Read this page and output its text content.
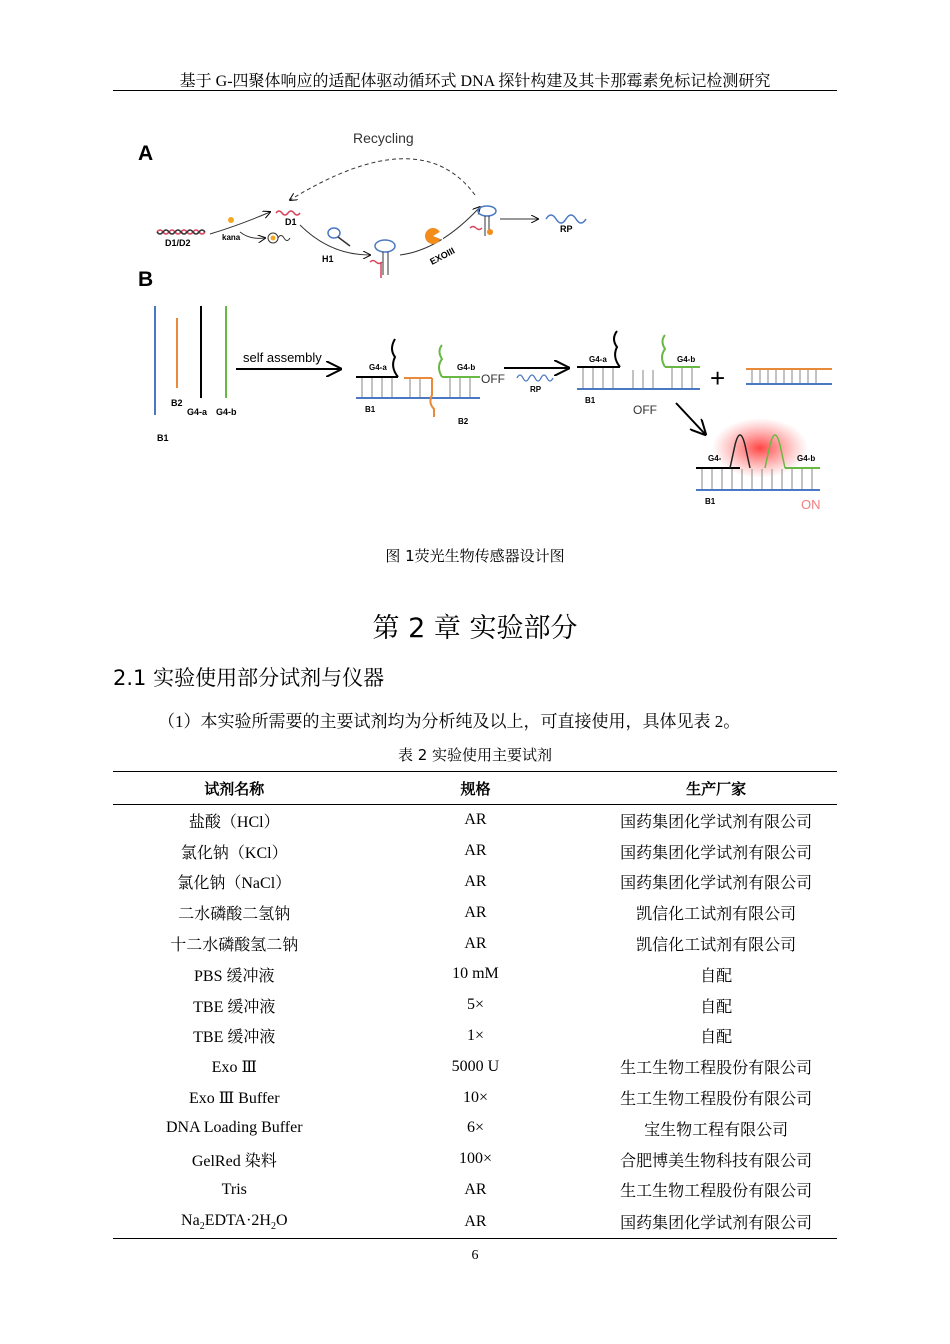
基于 G-四聚体响应的适配体驱动循环式 DNA 探针构建及其卡那霉素免标记检测研究
A
Recycling
D1/D2
kana
D1
H1	EXOIII
RP
B
B2
G4-a G4-b
B1
self assembly
G4-a	G4-b
OFF
B1
B2
RP
G4-a	G4-b
B1
OFF
+
G4-	G4-b
B1	ON
图 1荧光生物传感器设计图
第 2 章 实验部分
2.1 实验使用部分试剂与仪器
（1）本实验所需要的主要试剂均为分析纯及以上，可直接使用，具体见表 2。
表 2 实验使用主要试剂
试剂名称	规格	生产厂家
盐酸（HCl）	AR	国药集团化学试剂有限公司
氯化钠（KCl）	AR	国药集团化学试剂有限公司
氯化钠（NaCl）	AR	国药集团化学试剂有限公司
二水磷酸二氢钠	AR	凯信化工试剂有限公司
十二水磷酸氢二钠	AR	凯信化工试剂有限公司
PBS 缓冲液	10 mM	自配
TBE 缓冲液	5×	自配
TBE 缓冲液	1×	自配
Exo Ⅲ	5000 U	生工生物工程股份有限公司
Exo Ⅲ Buffer	10×	生工生物工程股份有限公司
DNA Loading Buffer	6×	宝生物工程有限公司
GelRed 染料	100×	合肥博美生物科技有限公司
Tris	AR	生工生物工程股份有限公司
$Na_2EDTA\cdot 2H_2O$	AR	国药集团化学试剂有限公司
6
